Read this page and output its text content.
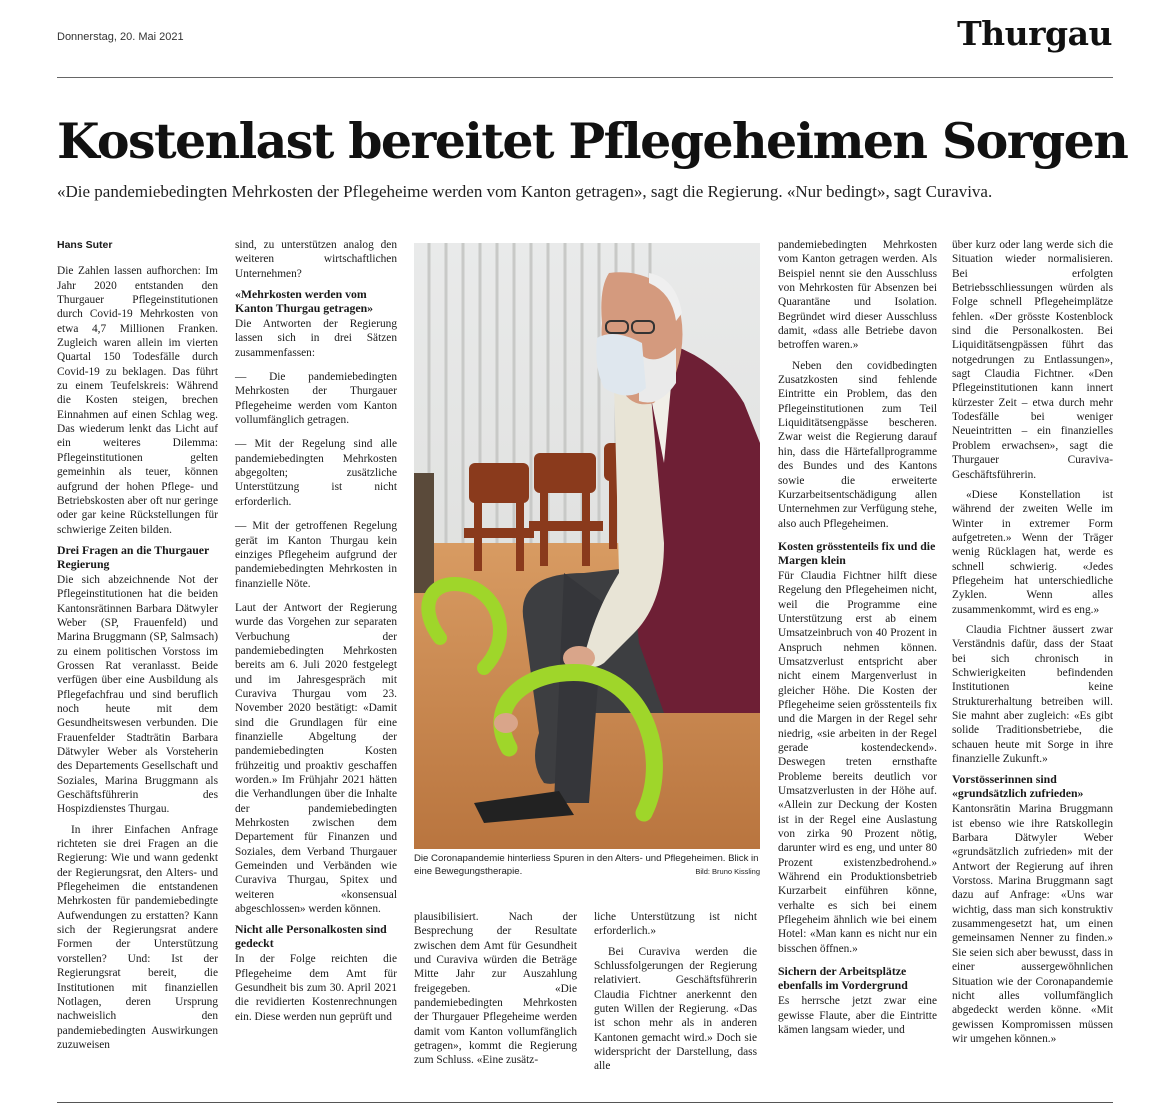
Donnerstag, 20. Mai 2021	Thurgau
Kostenlast bereitet Pflegeheimen Sorgen

«Die pandemiebedingten Mehrkosten der Pflegeheime werden vom Kanton getragen», sagt die Regierung. «Nur bedingt», sagt Curaviva.

Hans Suter

Die Zahlen lassen aufhorchen: Im Jahr 2020 entstanden den Thurgauer Pflegeinstitutionen durch Covid-19 Mehrkosten von etwa 4,7 Millionen Franken. Zugleich waren allein im vierten Quartal 150 Todesfälle durch Covid-19 zu beklagen. Das führt zu einem Teufelskreis: Während die Kosten steigen, brechen Einnahmen auf einen Schlag weg. Das wiederum lenkt das Licht auf ein weiteres Dilemma: Pflegeinstitutionen gelten gemeinhin als teuer, können aufgrund der hohen Pflege- und Betriebskosten aber oft nur geringe oder gar keine Rückstellungen für schwierige Zeiten bilden.

Drei Fragen an die Thurgauer Regierung

Die sich abzeichnende Not der Pflegeinstitutionen hat die beiden Kantonsrätinnen Barbara Dätwyler Weber (SP, Frauenfeld) und Marina Bruggmann (SP, Salmsach) zu einem politischen Vorstoss im Grossen Rat veranlasst. Beide verfügen über eine Ausbildung als Pflegefachfrau und sind beruflich noch heute mit dem Gesundheitswesen verbunden. Die Frauenfelder Stadträtin Barbara Dätwyler Weber als Vorsteherin des Departements Gesellschaft und Soziales, Marina Bruggmann als Geschäftsführerin des Hospizdienstes Thurgau.

In ihrer Einfachen Anfrage richteten sie drei Fragen an die Regierung: Wie und wann gedenkt der Regierungsrat, den Alters- und Pflegeheimen die entstandenen Mehrkosten für pandemiebedingte Aufwendungen zu erstatten? Kann sich der Regierungsrat andere Formen der Unterstützung vorstellen? Und: Ist der Regierungsrat bereit, die Institutionen mit finanziellen Notlagen, deren Ursprung nachweislich den pandemiebedingten Auswirkungen zuzuweisen

sind, zu unterstützen analog den weiteren wirtschaftlichen Unternehmen?

«Mehrkosten werden vom Kanton Thurgau getragen»

Die Antworten der Regierung lassen sich in drei Sätzen zusammenfassen:

— Die pandemiebedingten Mehrkosten der Thurgauer Pflegeheime werden vom Kanton vollumfänglich getragen.

— Mit der Regelung sind alle pandemiebedingten Mehrkosten abgegolten; zusätzliche Unterstützung ist nicht erforderlich.

— Mit der getroffenen Regelung gerät im Kanton Thurgau kein einziges Pflegeheim aufgrund der pandemiebedingten Mehrkosten in finanzielle Nöte.

Laut der Antwort der Regierung wurde das Vorgehen zur separaten Verbuchung der pandemiebedingten Mehrkosten bereits am 6. Juli 2020 festgelegt und im Jahresgespräch mit Curaviva Thurgau vom 23. November 2020 bestätigt: «Damit sind die Grundlagen für eine finanzielle Abgeltung der pandemiebedingten Kosten frühzeitig und proaktiv geschaffen worden.» Im Frühjahr 2021 hätten die Verhandlungen über die Inhalte der pandemiebedingten Mehrkosten zwischen dem Departement für Finanzen und Soziales, dem Verband Thurgauer Gemeinden und Verbänden wie Curaviva Thurgau, Spitex und weiteren «konsensual abgeschlossen» werden können.

Nicht alle Personalkosten sind gedeckt

In der Folge reichten die Pflegeheime dem Amt für Gesundheit bis zum 30. April 2021 die revidierten Kostenrechnungen ein. Diese werden nun geprüft und

Die Coronapandemie hinterliess Spuren in den Alters- und Pflegeheimen. Blick in eine Bewegungstherapie.	Bild: Bruno Kissling

plausibilisiert. Nach der Besprechung der Resultate zwischen dem Amt für Gesundheit und Curaviva würden die Beträge Mitte Jahr zur Auszahlung freigegeben. «Die pandemiebedingten Mehrkosten der Thurgauer Pflegeheime werden damit vom Kanton vollumfänglich getragen», kommt die Regierung zum Schluss. «Eine zusätz-

liche Unterstützung ist nicht erforderlich.»

Bei Curaviva werden die Schlussfolgerungen der Regierung relativiert. Geschäftsführerin Claudia Fichtner anerkennt den guten Willen der Regierung. «Das ist schon mehr als in anderen Kantonen gemacht wird.» Doch sie widerspricht der Darstellung, dass alle

pandemiebedingten Mehrkosten vom Kanton getragen werden. Als Beispiel nennt sie den Ausschluss von Mehrkosten für Absenzen bei Quarantäne und Isolation. Begründet wird dieser Ausschluss damit, «dass alle Betriebe davon betroffen waren.»

Neben den covidbedingten Zusatzkosten sind fehlende Eintritte ein Problem, das den Pflegeinstitutionen zum Teil Liquiditätsengpässe bescheren. Zwar weist die Regierung darauf hin, dass die Härtefallprogramme des Bundes und des Kantons sowie die erweiterte Kurzarbeitsentschädigung allen Unternehmen zur Verfügung stehe, also auch Pflegeheimen.

Kosten grösstenteils fix und die Margen klein

Für Claudia Fichtner hilft diese Regelung den Pflegeheimen nicht, weil die Programme eine Unterstützung erst ab einem Umsatzeinbruch von 40 Prozent in Anspruch nehmen können. Umsatzverlust entspricht aber nicht einem Margenverlust in gleicher Höhe. Die Kosten der Pflegeheime seien grösstenteils fix und die Margen in der Regel sehr niedrig, «sie arbeiten in der Regel gerade kostendeckend». Deswegen treten ernsthafte Probleme bereits deutlich vor Umsatzverlusten in der Höhe auf. «Allein zur Deckung der Kosten ist in der Regel eine Auslastung von zirka 90 Prozent nötig, darunter wird es eng, und unter 80 Prozent existenzbedrohend.» Während ein Produktionsbetrieb Kurzarbeit einführen könne, verhalte es sich bei einem Pflegeheim ähnlich wie bei einem Hotel: «Man kann es nicht nur ein bisschen öffnen.»

Sichern der Arbeitsplätze ebenfalls im Vordergrund

Es herrsche jetzt zwar eine gewisse Flaute, aber die Eintritte kämen langsam wieder, und

über kurz oder lang werde sich die Situation wieder normalisieren. Bei erfolgten Betriebsschliessungen würden als Folge schnell Pflegeheimplätze fehlen. «Der grösste Kostenblock sind die Personalkosten. Bei Liquiditätsengpässen führt das notgedrungen zu Entlassungen», sagt Claudia Fichtner. «Den Pflegeinstitutionen kann innert kürzester Zeit – etwa durch mehr Todesfälle bei weniger Neueintritten – ein finanzielles Problem erwachsen», sagt die Thurgauer Curaviva-Geschäftsführerin.

«Diese Konstellation ist während der zweiten Welle im Winter in extremer Form aufgetreten.» Wenn der Träger wenig Rücklagen hat, werde es schnell schwierig. «Jedes Pflegeheim hat unterschiedliche Zyklen. Wenn alles zusammenkommt, wird es eng.»

Claudia Fichtner äussert zwar Verständnis dafür, dass der Staat bei sich chronisch in Schwierigkeiten befindenden Institutionen keine Strukturerhaltung betreiben will. Sie mahnt aber zugleich: «Es gibt solide Traditionsbetriebe, die schauen heute mit Sorge in ihre finanzielle Zukunft.»

Vorstösserinnen sind «grundsätzlich zufrieden»

Kantonsrätin Marina Bruggmann ist ebenso wie ihre Ratskollegin Barbara Dätwyler Weber «grundsätzlich zufrieden» mit der Antwort der Regierung auf ihren Vorstoss. Marina Bruggmann sagt dazu auf Anfrage: «Uns war wichtig, dass man sich konstruktiv zusammengesetzt hat, um einen gemeinsamen Nenner zu finden.» Sie seien sich aber bewusst, dass in einer aussergewöhnlichen Situation wie der Coronapandemie nicht alles vollumfänglich abgedeckt werden könne. «Mit gewissen Kompromissen müssen wir umgehen können.»
